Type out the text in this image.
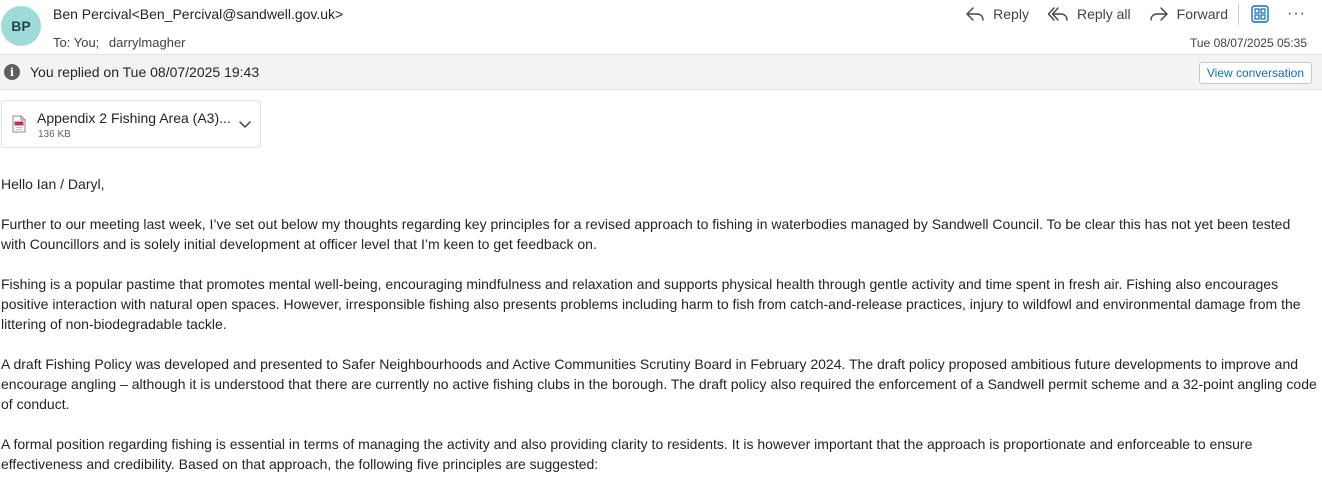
BP
Ben Percival<Ben_Percival@sandwell.gov.uk>
To: You; darrylmagher
Reply	Reply all	Forward	···
Tue 08/07/2025 05:35
i	You replied on Tue 08/07/2025 19:43	View conversation
Appendix 2 Fishing Area (A3)...
136 KB

Hello Ian / Daryl,

Further to our meeting last week, I’ve set out below my thoughts regarding key principles for a revised approach to fishing in waterbodies managed by Sandwell Council. To be clear this has not yet been tested with Councillors and is solely initial development at officer level that I’m keen to get feedback on.

Fishing is a popular pastime that promotes mental well-being, encouraging mindfulness and relaxation and supports physical health through gentle activity and time spent in fresh air. Fishing also encourages positive interaction with natural open spaces. However, irresponsible fishing also presents problems including harm to fish from catch-and-release practices, injury to wildfowl and environmental damage from the littering of non-biodegradable tackle.

A draft Fishing Policy was developed and presented to Safer Neighbourhoods and Active Communities Scrutiny Board in February 2024. The draft policy proposed ambitious future developments to improve and encourage angling – although it is understood that there are currently no active fishing clubs in the borough. The draft policy also required the enforcement of a Sandwell permit scheme and a 32-point angling code of conduct.

A formal position regarding fishing is essential in terms of managing the activity and also providing clarity to residents. It is however important that the approach is proportionate and enforceable to ensure effectiveness and credibility. Based on that approach, the following five principles are suggested:
